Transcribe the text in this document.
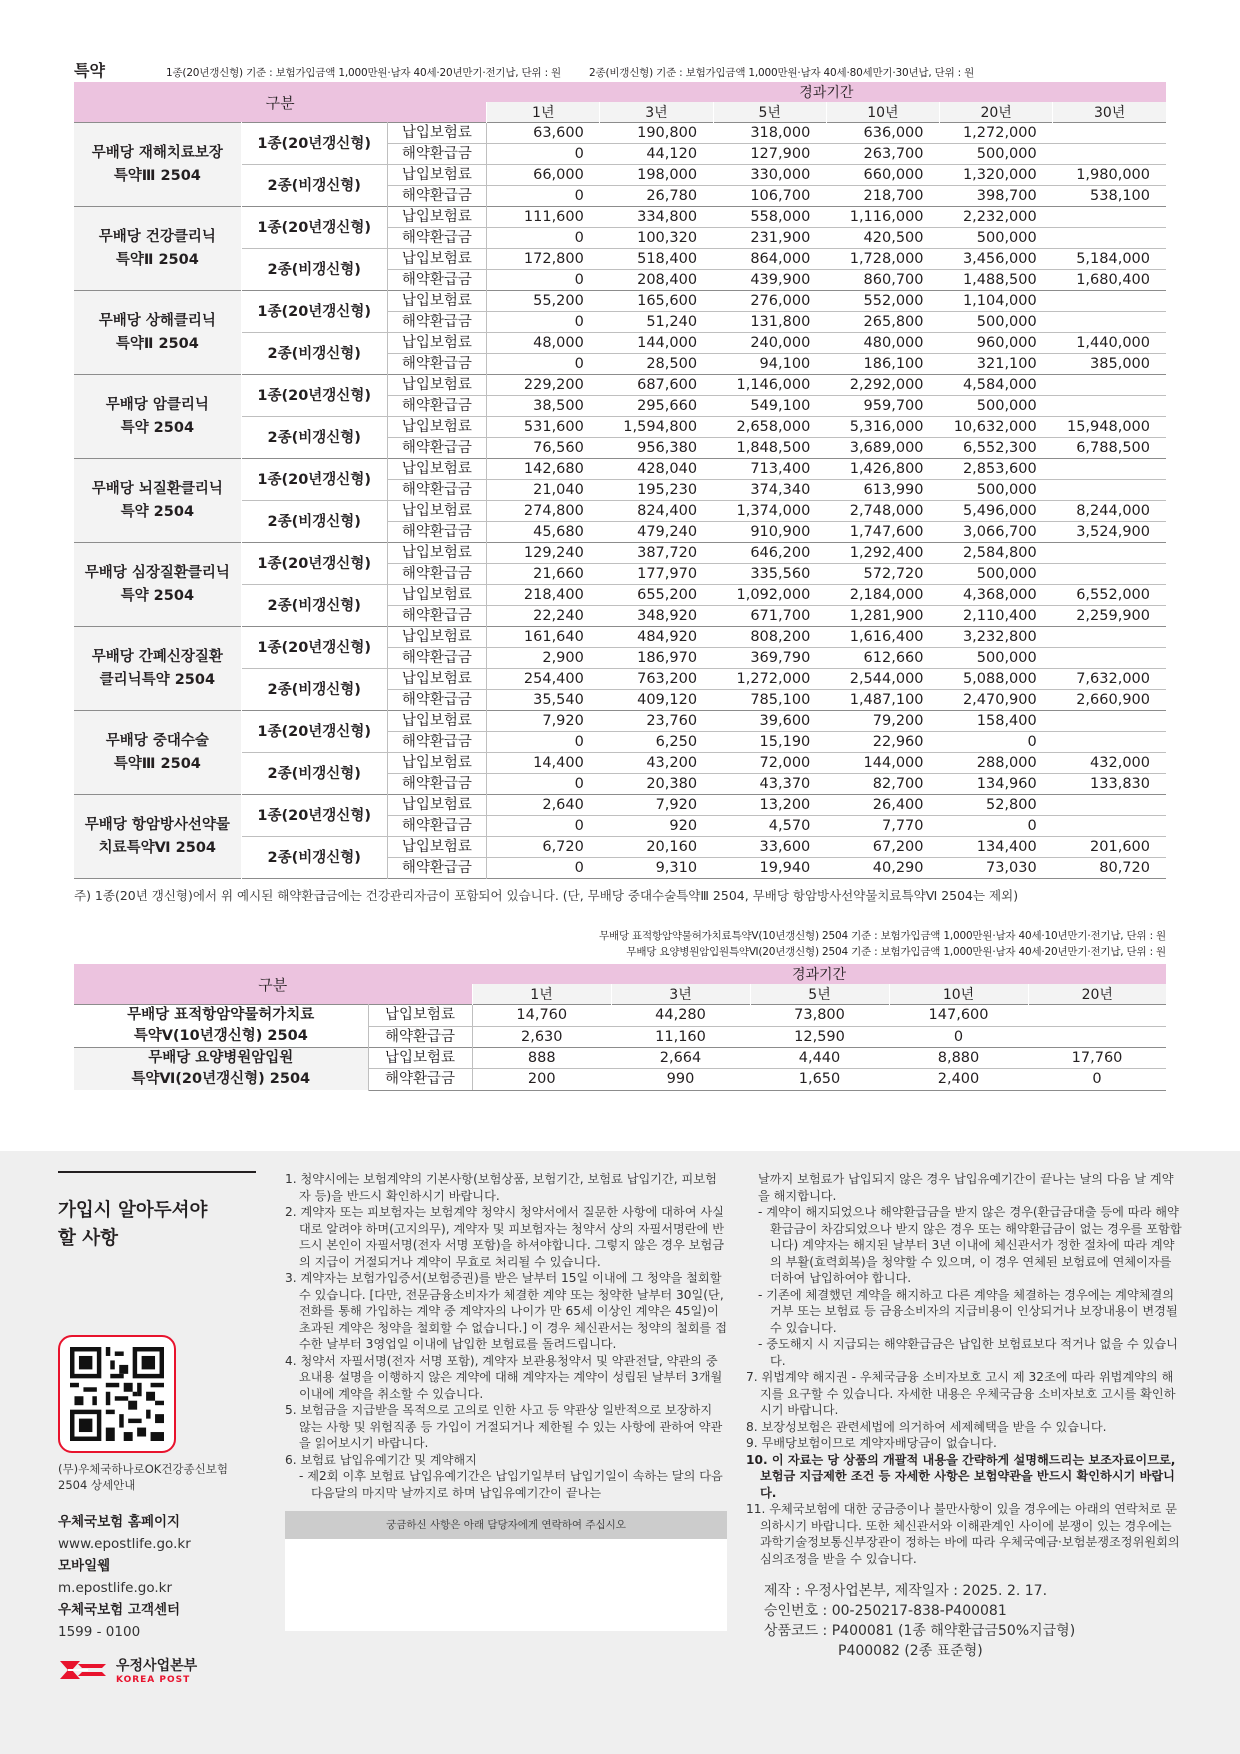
특약	1종(20년갱신형) 기준 : 보험가입금액 1,000만원·남자 40세·20년만기·전기납, 단위 : 원	2종(비갱신형) 기준 : 보험가입금액 1,000만원·남자 40세·80세만기·30년납, 단위 : 원
구분			경과기간					
			1년	3년	5년	10년	20년	30년
무배당 재해치료보장
특약Ⅲ 2504	1종(20년갱신형)	납입보험료	63,600	190,800	318,000	636,000	1,272,000	
		해약환급금	0	44,120	127,900	263,700	500,000	
	2종(비갱신형)	납입보험료	66,000	198,000	330,000	660,000	1,320,000	1,980,000
		해약환급금	0	26,780	106,700	218,700	398,700	538,100
무배당 건강클리닉
특약Ⅱ 2504	1종(20년갱신형)	납입보험료	111,600	334,800	558,000	1,116,000	2,232,000	
		해약환급금	0	100,320	231,900	420,500	500,000	
	2종(비갱신형)	납입보험료	172,800	518,400	864,000	1,728,000	3,456,000	5,184,000
		해약환급금	0	208,400	439,900	860,700	1,488,500	1,680,400
무배당 상해클리닉
특약Ⅱ 2504	1종(20년갱신형)	납입보험료	55,200	165,600	276,000	552,000	1,104,000	
		해약환급금	0	51,240	131,800	265,800	500,000	
	2종(비갱신형)	납입보험료	48,000	144,000	240,000	480,000	960,000	1,440,000
		해약환급금	0	28,500	94,100	186,100	321,100	385,000
무배당 암클리닉
특약 2504	1종(20년갱신형)	납입보험료	229,200	687,600	1,146,000	2,292,000	4,584,000	
		해약환급금	38,500	295,660	549,100	959,700	500,000	
	2종(비갱신형)	납입보험료	531,600	1,594,800	2,658,000	5,316,000	10,632,000	15,948,000
		해약환급금	76,560	956,380	1,848,500	3,689,000	6,552,300	6,788,500
무배당 뇌질환클리닉
특약 2504	1종(20년갱신형)	납입보험료	142,680	428,040	713,400	1,426,800	2,853,600	
		해약환급금	21,040	195,230	374,340	613,990	500,000	
	2종(비갱신형)	납입보험료	274,800	824,400	1,374,000	2,748,000	5,496,000	8,244,000
		해약환급금	45,680	479,240	910,900	1,747,600	3,066,700	3,524,900
무배당 심장질환클리닉
특약 2504	1종(20년갱신형)	납입보험료	129,240	387,720	646,200	1,292,400	2,584,800	
		해약환급금	21,660	177,970	335,560	572,720	500,000	
	2종(비갱신형)	납입보험료	218,400	655,200	1,092,000	2,184,000	4,368,000	6,552,000
		해약환급금	22,240	348,920	671,700	1,281,900	2,110,400	2,259,900
무배당 간폐신장질환
클리닉특약 2504	1종(20년갱신형)	납입보험료	161,640	484,920	808,200	1,616,400	3,232,800	
		해약환급금	2,900	186,970	369,790	612,660	500,000	
	2종(비갱신형)	납입보험료	254,400	763,200	1,272,000	2,544,000	5,088,000	7,632,000
		해약환급금	35,540	409,120	785,100	1,487,100	2,470,900	2,660,900
무배당 중대수술
특약Ⅲ 2504	1종(20년갱신형)	납입보험료	7,920	23,760	39,600	79,200	158,400	
		해약환급금	0	6,250	15,190	22,960	0	
	2종(비갱신형)	납입보험료	14,400	43,200	72,000	144,000	288,000	432,000
		해약환급금	0	20,380	43,370	82,700	134,960	133,830
무배당 항암방사선약물
치료특약Ⅵ 2504	1종(20년갱신형)	납입보험료	2,640	7,920	13,200	26,400	52,800	
		해약환급금	0	920	4,570	7,770	0	
	2종(비갱신형)	납입보험료	6,720	20,160	33,600	67,200	134,400	201,600
		해약환급금	0	9,310	19,940	40,290	73,030	80,720
주) 1종(20년 갱신형)에서 위 예시된 해약환급금에는 건강관리자금이 포함되어 있습니다. (단, 무배당 중대수술특약Ⅲ 2504, 무배당 항암방사선약물치료특약Ⅵ 2504는 제외)
무배당 표적항암약물허가치료특약Ⅴ(10년갱신형) 2504 기준 : 보험가입금액 1,000만원·남자 40세·10년만기·전기납, 단위 : 원
무배당 요양병원암입원특약Ⅵ(20년갱신형) 2504 기준 : 보험가입금액 1,000만원·남자 40세·20년만기·전기납, 단위 : 원
구분		경과기간				
		1년	3년	5년	10년	20년
무배당 표적항암약물허가치료
특약Ⅴ(10년갱신형) 2504	납입보험료	14,760	44,280	73,800	147,600	
	해약환급금	2,630	11,160	12,590	0	
무배당 요양병원암입원
특약Ⅵ(20년갱신형) 2504	납입보험료	888	2,664	4,440	8,880	17,760
	해약환급금	200	990	1,650	2,400	0
가입시 알아두셔야
할 사항
(무)우체국하나로OK건강종신보험
2504 상세안내
우체국보험 홈페이지
www.epostlife.go.kr
모바일웹
m.epostlife.go.kr
우체국보험 고객센터
1599 - 0100
우정사업본부
KOREA POST

1. 청약시에는 보험계약의 기본사항(보험상품, 보험기간, 보험료 납입기간, 피보험자 등)을 반드시 확인하시기 바랍니다.

2. 계약자 또는 피보험자는 보험계약 청약시 청약서에서 질문한 사항에 대하여 사실대로 알려야 하며(고지의무), 계약자 및 피보험자는 청약서 상의 자필서명란에 반드시 본인이 자필서명(전자 서명 포함)을 하셔야합니다. 그렇지 않은 경우 보험금의 지급이 거절되거나 계약이 무효로 처리될 수 있습니다.

3. 계약자는 보험가입증서(보험증권)를 받은 날부터 15일 이내에 그 청약을 철회할 수 있습니다. [다만, 전문금융소비자가 체결한 계약 또는 청약한 날부터 30일(단, 전화를 통해 가입하는 계약 중 계약자의 나이가 만 65세 이상인 계약은 45일)이 초과된 계약은 청약을 철회할 수 없습니다.] 이 경우 체신관서는 청약의 철회를 접수한 날부터 3영업일 이내에 납입한 보험료를 돌려드립니다.

4. 청약서 자필서명(전자 서명 포함), 계약자 보관용청약서 및 약관전달, 약관의 중요내용 설명을 이행하지 않은 계약에 대해 계약자는 계약이 성립된 날부터 3개월 이내에 계약을 취소할 수 있습니다.

5. 보험금을 지급받을 목적으로 고의로 인한 사고 등 약관상 일반적으로 보장하지 않는 사항 및 위험직종 등 가입이 거절되거나 제한될 수 있는 사항에 관하여 약관을 읽어보시기 바랍니다.

6. 보험료 납입유예기간 및 계약해지

- 제2회 이후 보험료 납입유예기간은 납입기일부터 납입기일이 속하는 달의 다음 다음달의 마지막 날까지로 하며 납입유예기간이 끝나는

궁금하신 사항은 아래 담당자에게 연락하여 주십시오

날까지 보험료가 납입되지 않은 경우 납입유예기간이 끝나는 날의 다음 날 계약을 해지합니다.

- 계약이 해지되었으나 해약환급금을 받지 않은 경우(환급금대출 등에 따라 해약환급금이 차감되었으나 받지 않은 경우 또는 해약환급금이 없는 경우를 포함합니다) 계약자는 해지된 날부터 3년 이내에 체신관서가 정한 절차에 따라 계약의 부활(효력회복)을 청약할 수 있으며, 이 경우 연체된 보험료에 연체이자를 더하여 납입하여야 합니다.

- 기존에 체결했던 계약을 해지하고 다른 계약을 체결하는 경우에는 계약체결의 거부 또는 보험료 등 금융소비자의 지급비용이 인상되거나 보장내용이 변경될 수 있습니다.

- 중도해지 시 지급되는 해약환급금은 납입한 보험료보다 적거나 없을 수 있습니다.

7. 위법계약 해지권 - 우체국금융 소비자보호 고시 제 32조에 따라 위법계약의 해지를 요구할 수 있습니다. 자세한 내용은 우체국금융 소비자보호 고시를 확인하시기 바랍니다.

8. 보장성보험은 관련세법에 의거하여 세제혜택을 받을 수 있습니다.

9. 무배당보험이므로 계약자배당금이 없습니다.

10. 이 자료는 당 상품의 개괄적 내용을 간략하게 설명해드리는 보조자료이므로, 보험금 지급제한 조건 등 자세한 사항은 보험약관을 반드시 확인하시기 바랍니다.

11. 우체국보험에 대한 궁금증이나 불만사항이 있을 경우에는 아래의 연락처로 문의하시기 바랍니다. 또한 체신관서와 이해관계인 사이에 분쟁이 있는 경우에는 과학기술정보통신부장관이 정하는 바에 따라 우체국예금·보험분쟁조정위원회의 심의조정을 받을 수 있습니다.

제작 : 우정사업본부, 제작일자 : 2025. 2. 17.
승인번호 : 00-250217-838-P400081
상품코드 : P400081 (1종 해약환급금50%지급형)
P400082 (2종 표준형)
